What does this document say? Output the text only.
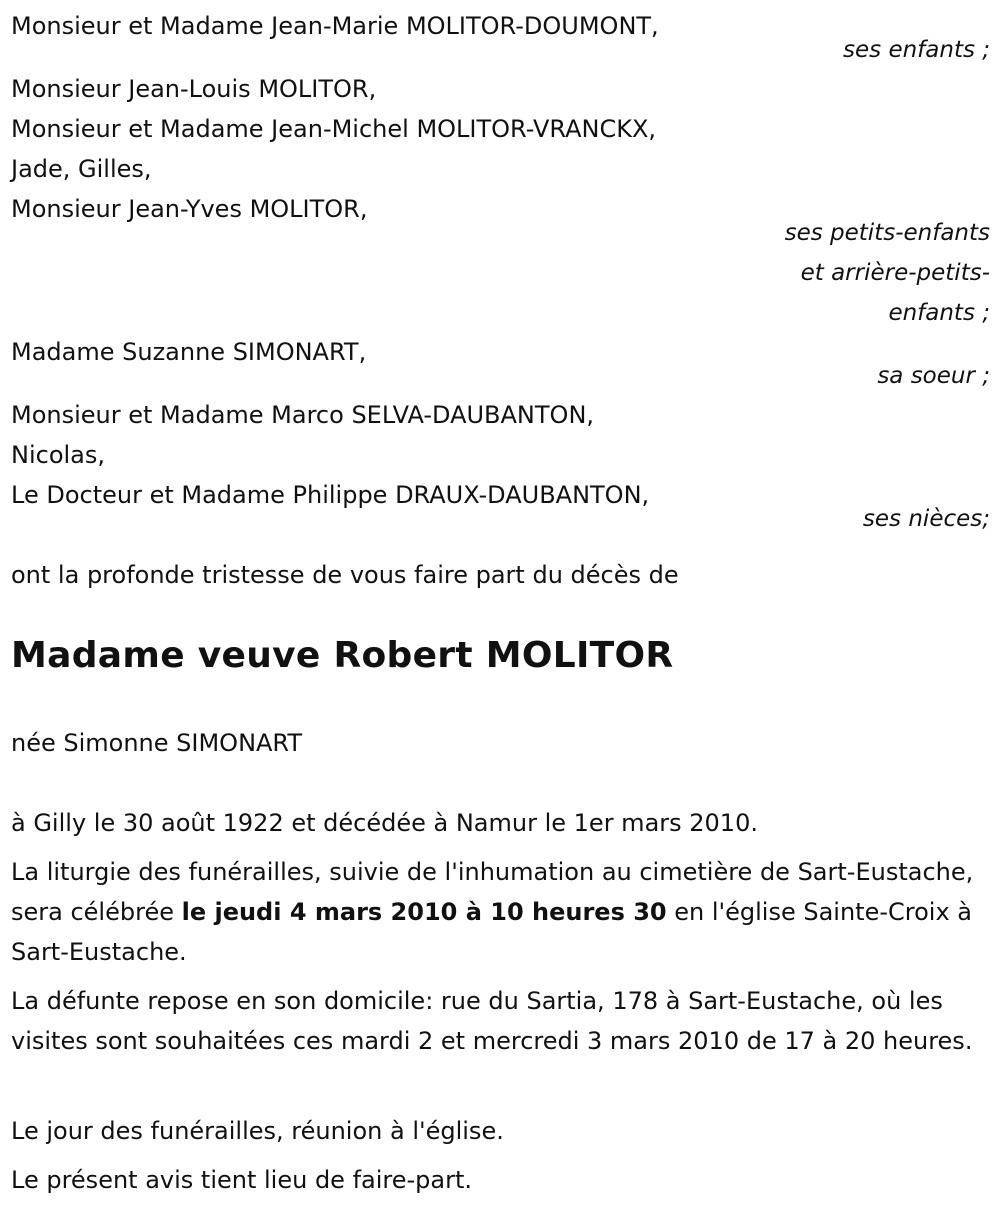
Monsieur et Madame Jean-Marie MOLITOR-DOUMONT,
ses enfants ;
Monsieur Jean-Louis MOLITOR,
Monsieur et Madame Jean-Michel MOLITOR-VRANCKX,
Jade, Gilles,
Monsieur Jean-Yves MOLITOR,
ses petits-enfants
et arrière-petits-
enfants ;
Madame Suzanne SIMONART,
sa soeur ;
Monsieur et Madame Marco SELVA-DAUBANTON,
Nicolas,
Le Docteur et Madame Philippe DRAUX-DAUBANTON,
ses nièces;
ont la profonde tristesse de vous faire part du décès de
Madame veuve Robert MOLITOR
née Simonne SIMONART
à Gilly le 30 août 1922 et décédée à Namur le 1er mars 2010.
La liturgie des funérailles, suivie de l'inhumation au cimetière de Sart-Eustache, sera célébrée le jeudi 4 mars 2010 à 10 heures 30 en l'église Sainte-Croix à Sart-Eustache.
La défunte repose en son domicile: rue du Sartia, 178 à Sart-Eustache, où les visites sont souhaitées ces mardi 2 et mercredi 3 mars 2010 de 17 à 20 heures.
Le jour des funérailles, réunion à l'église.
Le présent avis tient lieu de faire-part.
